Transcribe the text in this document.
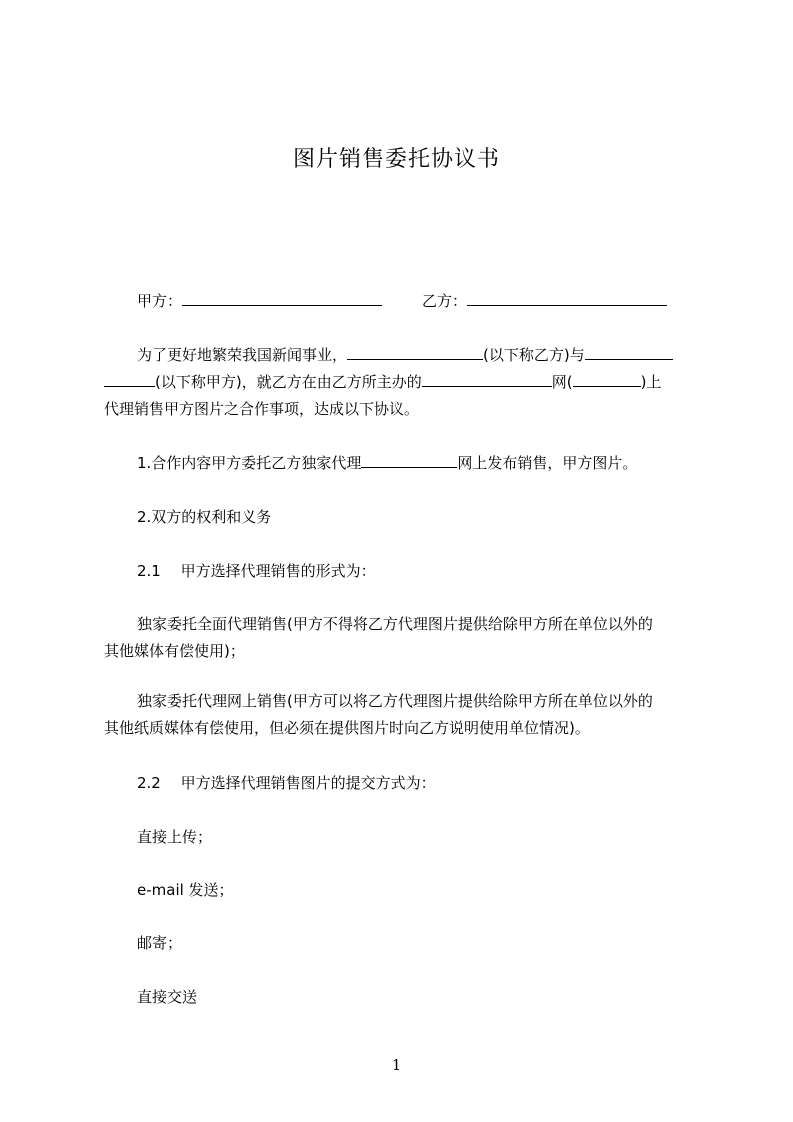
图片销售委托协议书

甲方：	乙方：

为了更好地繁荣我国新闻事业，	(以下称乙方)与

(以下称甲方)，就乙方在由乙方所主办的	网(	)上

代理销售甲方图片之合作事项，达成以下协议。

1.合作内容甲方委托乙方独家代理	网上发布销售，甲方图片。

2.双方的权利和义务

2.1　 甲方选择代理销售的形式为：

独家委托全面代理销售(甲方不得将乙方代理图片提供给除甲方所在单位以外的

其他媒体有偿使用)；

独家委托代理网上销售(甲方可以将乙方代理图片提供给除甲方所在单位以外的

其他纸质媒体有偿使用，但必须在提供图片时向乙方说明使用单位情况)。

2.2　 甲方选择代理销售图片的提交方式为：

直接上传；

e-mail 发送；

邮寄；

直接交送

1
